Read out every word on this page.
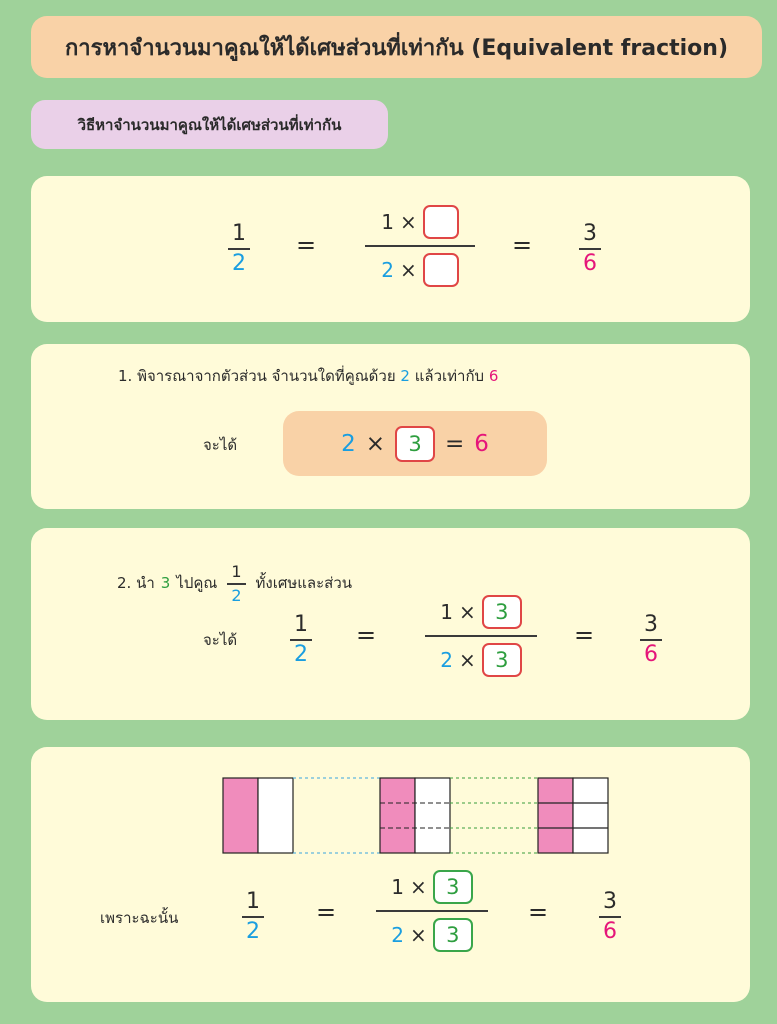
การหาจำนวนมาคูณให้ได้เศษส่วนที่เท่ากัน (Equivalent fraction)
วิธีหาจำนวนมาคูณให้ได้เศษส่วนที่เท่ากัน
1
2
=
1 ×
2 ×
= 3
6
1. พิจารณาจากตัวส่วน จำนวนใดที่คูณด้วย 2 แล้วเท่ากับ 6
จะได้	2 ×	3	= 6
2. นำ 3 ไปคูณ $\frac{1}{2}$ ทั้งเศษและส่วน
จะได้
1
2
=
1 × 3
2 × 3
= 3
6
เพราะฉะนั้น
1
2
=
1 × 3
2 × 3
= 3
6
